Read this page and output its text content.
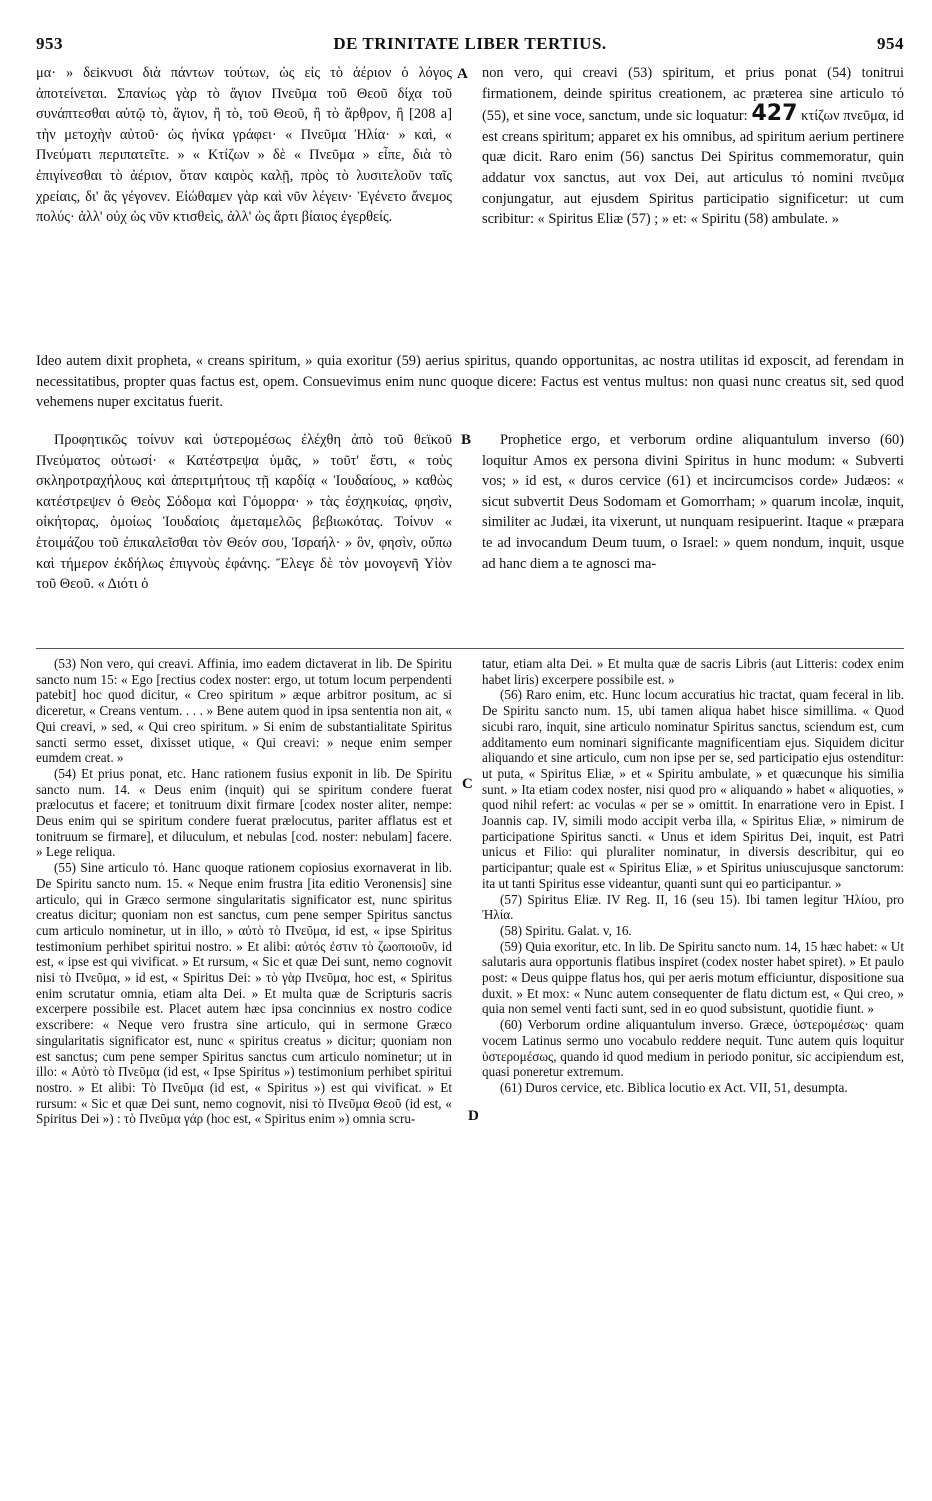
953	DE TRINITATE LIBER TERTIUS.	954

μα· » δεiκνυσι διὰ πάντων τούτων, ὡς εἰς τὸ ἀέριον ὁ λόγος ἀποτείνεται. Σπανίως γὰρ τὸ ἅγιον Πνεῦμα τοῦ Θεοῦ δίχα τοῦ συνάπτεσθαι αὐτῷ τὸ, ἅγιον, ἢ τὸ, τοῦ Θεοῦ, ἢ τὸ ἄρθρον, ἢ [208 a] τὴν μετοχὴν αὐτοῦ· ὡς ἡνίκα γράφει· « Πνεῦμα Ἠλία· » καὶ, « Πνεύματι περιπατεῖτε. » « Κτίζων » δὲ « Πνεῦμα » εἶπε, διὰ τὸ ἐπιγίνεσθαι τὸ ἀέριον, ὅταν καιρὸς καλῇ, πρὸς τὸ λυσιτελοῦν ταῖς χρείαις, δι' ἃς γέγονεν. Εἰώθαμεν γὰρ καὶ νῦν λέγειν· Ἐγένετο ἄνεμος πολύς· ἀλλ' οὐχ ὡς νῦν κτισθεὶς, ἀλλ' ὡς ἄρτι βίαιος ἐγερθείς.

A non vero, qui creavi (53) spiritum, et prius ponat (54) tonitrui firmationem, deinde spiritus creationem, ac præterea sine articulo τό (55), et sine voce, sanctum, unde sic loquatur: 427 κτίζων πνεῦμα, id est creans spiritum; apparet ex his omnibus, ad spiritum aerium pertinere quæ dicit. Raro enim (56) sanctus Dei Spiritus commemoratur, quin addatur vox sanctus, aut vox Dei, aut articulus τό nomini πνεῦμα conjungatur, aut ejusdem Spiritus participatio significetur: ut cum scribitur: « Spiritus Eliæ (57) ; » et: « Spiritu (58) ambulate. »

Ideo autem dixit propheta, « creans spiritum, » quia exoritur (59) aerius spiritus, quando opportunitas, ac nostra utilitas id exposcit, ad ferendam in necessitatibus, propter quas factus est, opem. Consuevimus enim nunc quoque dicere: Factus est ventus multus: non quasi nunc creatus sit, sed quod vehemens nuper excitatus fuerit.

Προφητικῶς τοίνυν καὶ ὑστερομέσως ἐλέχθη ἀπὸ τοῦ θεϊκοῦ Πνεύματος οὑτωσί· « Κατέστρεψα ὑμᾶς, » τοῦτ' ἔστι, « τοὺς σκληροτραχήλους καὶ ἀπεριτμήτους τῇ καρδίᾳ « Ἰουδαίους, » καθὼς κατέστρεψεν ὁ Θεὸς Σόδομα καὶ Γόμορρα· » τὰς ἐσχηκυίας, φησὶν, οἰκήτορας, ὁμοίως Ἰουδαίοις ἀμεταμελῶς βεβιωκότας. Τοίνυν « ἑτοιμάζου τοῦ ἐπικαλεῖσθαι τὸν Θεόν σου, Ἰσραήλ· » ὃν, φησὶν, οὔπω καὶ τήμερον ἐκδήλως ἐπιγνοὺς ἐφάνης. Ἔλεγε δὲ τὸν μονογενῆ Υἱὸν τοῦ Θεοῦ. « Διότι ὁ

B	Prophetice ergo, et verborum ordine aliquantulum inverso (60) loquitur Amos ex persona divini Spiritus in hunc modum: « Subverti vos; » id est, « duros cervice (61) et incircumcisos corde» Judæos: « sicut subvertit Deus Sodomam et Gomorrham; » quarum incolæ, inquit, similiter ac Judæi, ita vixerunt, ut nunquam resipuerint. Itaque « præpara te ad invocandum Deum tuum, o Israel: » quem nondum, inquit, usque ad hanc diem a te agnosci ma-

(53) Non vero, qui creavi. Affinia, imo eadem dictaverat in lib. De Spiritu sancto num 15: « Ego [rectius codex noster: ergo, ut totum locum perpendenti patebit] hoc quod dicitur, « Creo spiritum » æque arbitror positum, ac si diceretur, « Creans ventum. . . . » Bene autem quod in ipsa sententia non ait, « Qui creavi, » sed, « Qui creo spiritum. » Si enim de substantialitate Spiritus sancti sermo esset, dixisset utique, « Qui creavi: » neque enim semper eumdem creat. »

(54) Et prius ponat, etc. Hanc rationem fusius exponit in lib. De Spiritu sancto num. 14. « Deus enim (inquit) qui se spiritum condere fuerat prælocutus et facere; et tonitruum dixit firmare [codex noster aliter, nempe: Deus enim qui se spiritum condere fuerat prælocutus, pariter afflatus est et tonitruum se firmare], et diluculum, et nebulas [cod. noster: nebulam] facere. » Lege reliqua.

(55) Sine articulo τό. Hanc quoque rationem copiosius exornaverat in lib. De Spiritu sancto num. 15. « Neque enim frustra [ita editio Veronensis] sine articulo, qui in Græco sermone singularitatis significator est, nunc spiritus creatus dicitur; quoniam non est sanctus, cum pene semper Spiritus sanctus cum articulo nominetur, ut in illo, » αὐτὸ τὸ Πνεῦμα, id est, « ipse Spiritus testimonium perhibet spiritui nostro. » Et alibi: αὐτός ἐστιν τὸ ζωοποιοῦν, id est, « ipse est qui vivificat. » Et rursum, « Sic et quæ Dei sunt, nemo cognovit nisi τὸ Πνεῦμα, » id est, « Spiritus Dei: » τὸ γὰρ Πνεῦμα, hoc est, « Spiritus enim scrutatur omnia, etiam alta Dei. » Et multa quæ de Scripturis sacris excerpere possibile est. Placet autem hæc ipsa concinnius ex nostro codice exscribere: « Neque vero frustra sine articulo, qui in sermone Græco singularitatis significator est, nunc « spiritus creatus » dicitur; quoniam non est sanctus; cum pene semper Spiritus sanctus cum articulo nominetur; ut in illo: « Αὐτὸ τὸ Πνεῦμα (id est, « Ipse Spiritus ») testimonium perhibet spiritui nostro. » Et alibi: Τὸ Πνεῦμα (id est, « Spiritus ») est qui vivificat. » Et rursum: « Sic et quæ Dei sunt, nemo cognovit, nisi τὸ Πνεῦμα Θεοῦ (id est, « Spiritus Dei ») : τὸ Πνεῦμα γάρ (hoc est, « Spiritus enim ») omnia scru-

C
D

tatur, etiam alta Dei. » Et multa quæ de sacris Libris (aut Litteris: codex enim habet liris) excerpere possibile est. »

(56) Raro enim, etc. Hunc locum accuratius hic tractat, quam feceral in lib. De Spiritu sancto num. 15, ubi tamen aliqua habet hisce simillima. « Quod sicubi raro, inquit, sine articulo nominatur Spiritus sanctus, sciendum est, cum additamento eum nominari significante magnificentiam ejus. Siquidem dicitur aliquando et sine articulo, cum non ipse per se, sed participatio ejus ostenditur: ut puta, « Spiritus Eliæ, » et « Spiritu ambulate, » et quæcunque his similia sunt. » Ita etiam codex noster, nisi quod pro « aliquando » habet « aliquoties, » quod nihil refert: ac voculas « per se » omittit. In enarratione vero in Epist. I Joannis cap. IV, simili modo accipit verba illa, « Spiritus Eliæ, » nimirum de participatione Spiritus sancti. « Unus et idem Spiritus Dei, inquit, est Patri unicus et Filio: qui pluraliter nominatur, in diversis describitur, qui eo participantur; quale est « Spiritus Eliæ, » et Spiritus uniuscujusque sanctorum: ita ut tanti Spiritus esse videantur, quanti sunt qui eo participantur. »

(57) Spiritus Eliæ. IV Reg. II, 16 (seu 15). Ibi tamen legitur Ἠλίου, pro Ἠλία.

(58) Spiritu. Galat. v, 16.

(59) Quia exoritur, etc. In lib. De Spiritu sancto num. 14, 15 hæc habet: « Ut salutaris aura opportunis flatibus inspiret (codex noster habet spiret). » Et paulo post: « Deus quippe flatus hos, qui per aeris motum efficiuntur, dispositione sua duxit. » Et mox: « Nunc autem consequenter de flatu dictum est, « Qui creo, » quia non semel venti facti sunt, sed in eo quod subsistunt, quotidie fiunt. »

(60) Verborum ordine aliquantulum inverso. Græce, ὑστερομέσως· quam vocem Latinus sermo uno vocabulo reddere nequit. Tunc autem quis loquitur ὑστερομέσως, quando id quod medium in periodo ponitur, sic accipiendum est, quasi poneretur extremum.

(61) Duros cervice, etc. Biblica locutio ex Act. VII, 51, desumpta.
